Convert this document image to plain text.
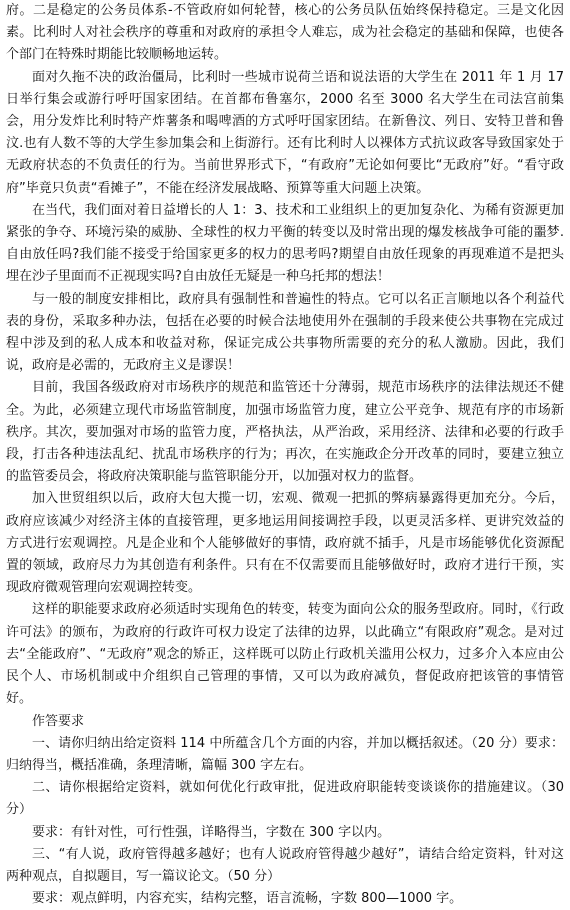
府。二是稳定的公务员体系-不管政府如何轮替，核心的公务员队伍始终保持稳定。三是文化因素。比利时人对社会秩序的尊重和对政府的承担令人难忘，成为社会稳定的基础和保障，也使各个部门在特殊时期能比较顺畅地运转。

面对久拖不决的政治僵局，比利时一些城市说荷兰语和说法语的大学生在 2011 年 1 月 17 日举行集会或游行呼吁国家团结。在首都布鲁塞尔，2000 名至 3000 名大学生在司法宫前集会，用分发炸比利时特产炸薯条和喝啤酒的方式呼吁国家团结。在新鲁汶、列日、安特卫普和鲁汶.也有人数不等的大学生参加集会和上街游行。还有比利时人以裸体方式抗议政客导致国家处于无政府状态的不负责任的行为。当前世界形式下，“有政府”无论如何要比“无政府”好。“看守政府”毕竟只负责“看摊子”，不能在经济发展战略、预算等重大问题上决策。

在当代，我们面对着日益增长的人 1：3、技术和工业组织上的更加复杂化、为稀有资源更加紧张的争夺、环境污染的威胁、全球性的权力平衡的转变以及时常出现的爆发核战争可能的噩梦.自由放任吗?我们能不接受于给国家更多的权力的思考吗?期望自由放任现象的再现难道不是把头埋在沙子里面而不正视现实吗?自由放任无疑是一种乌托邦的想法！

与一般的制度安排相比，政府具有强制性和普遍性的特点。它可以名正言顺地以各个利益代表的身份，采取多种办法，包括在必要的时候合法地使用外在强制的手段来使公共事物在完成过程中涉及到的私人成本和收益对称，保证完成公共事物所需要的充分的私人激励。因此，我们说，政府是必需的，无政府主义是谬误！

目前，我国各级政府对市场秩序的规范和监管还十分薄弱，规范市场秩序的法律法规还不健全。为此，必须建立现代市场监管制度，加强市场监管力度，建立公平竞争、规范有序的市场新秩序。其次，要加强对市场的监管力度，严格执法，从严治政，采用经济、法律和必要的行政手段，打击各种违法乱纪、扰乱市场秩序的行为；再次，在实施政企分开改革的同时，要建立独立的监管委员会，将政府决策职能与监管职能分开，以加强对权力的监督。

加入世贸组织以后，政府大包大揽一切，宏观、微观一把抓的弊病暴露得更加充分。今后，政府应该减少对经济主体的直接管理，更多地运用间接调控手段，以更灵活多样、更讲究效益的方式进行宏观调控。凡是企业和个人能够做好的事情，政府就不插手，凡是市场能够优化资源配置的领域，政府尽力为其创造有利条件。只有在不仅需要而且能够做好时，政府才进行干预，实现政府微观管理向宏观调控转变。

这样的职能要求政府必须适时实现角色的转变，转变为面向公众的服务型政府。同时，《行政许可法》的颁布，为政府的行政许可权力设定了法律的边界，以此确立“有限政府”观念。是对过去“全能政府”、“无政府”观念的矫正，这样既可以防止行政机关滥用公权力，过多介入本应由公民个人、市场机制或中介组织自己管理的事情，又可以为政府减负，督促政府把该管的事情管好。

作答要求

一、请你归纳出给定资料 114 中所蕴含几个方面的内容，并加以概括叙述。（20 分）要求：归纳得当，概括准确，条理清晰，篇幅 300 字左右。

二、请你根据给定资料，就如何优化行政审批，促进政府职能转变谈谈你的措施建议。（30 分）

要求：有针对性，可行性强，详略得当，字数在 300 字以内。

三、“有人说，政府管得越多越好；也有人说政府管得越少越好”，请结合给定资料，针对这两种观点，自拟题目，写一篇议论文。（50 分）

要求：观点鲜明，内容充实，结构完整，语言流畅，字数 800—1000 字。
